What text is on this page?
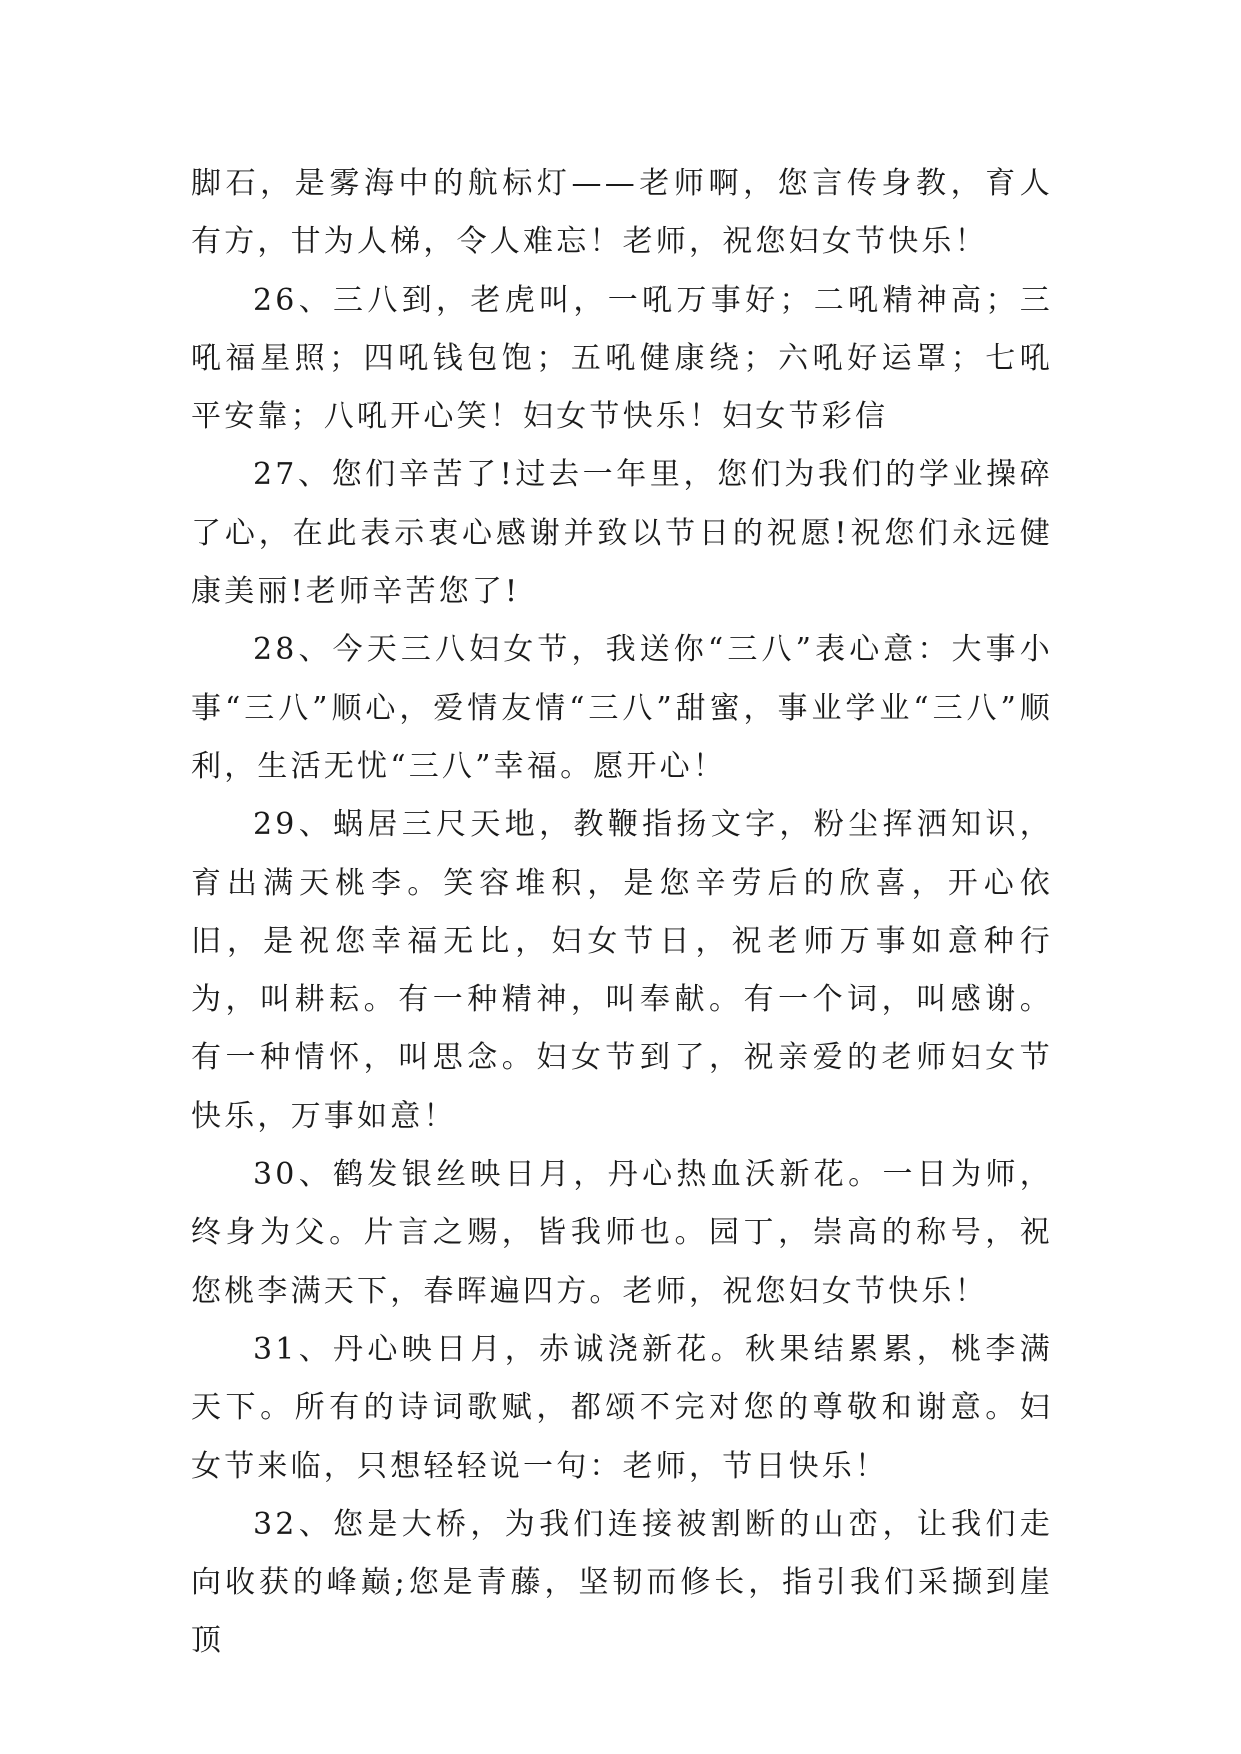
脚石，是雾海中的航标灯——老师啊，您言传身教，育人有方，甘为人梯，令人难忘！老师，祝您妇女节快乐！

26、三八到，老虎叫，一吼万事好；二吼精神高；三吼福星照；四吼钱包饱；五吼健康绕；六吼好运罩；七吼平安靠；八吼开心笑！妇女节快乐！妇女节彩信

27、您们辛苦了!过去一年里，您们为我们的学业操碎了心，在此表示衷心感谢并致以节日的祝愿!祝您们永远健康美丽!老师辛苦您了!

28、今天三八妇女节，我送你“三八”表心意：大事小事“三八”顺心，爱情友情“三八”甜蜜，事业学业“三八”顺利，生活无忧“三八”幸福。愿开心！

29、蜗居三尺天地，教鞭指扬文字，粉尘挥洒知识，育出满天桃李。笑容堆积，是您辛劳后的欣喜，开心依旧，是祝您幸福无比，妇女节日，祝老师万事如意种行为，叫耕耘。有一种精神，叫奉献。有一个词，叫感谢。有一种情怀，叫思念。妇女节到了，祝亲爱的老师妇女节快乐，万事如意！

30、鹤发银丝映日月，丹心热血沃新花。一日为师，终身为父。片言之赐，皆我师也。园丁，崇高的称号，祝您桃李满天下，春晖遍四方。老师，祝您妇女节快乐！

31、丹心映日月，赤诚浇新花。秋果结累累，桃李满天下。所有的诗词歌赋，都颂不完对您的尊敬和谢意。妇女节来临，只想轻轻说一句：老师，节日快乐！

32、您是大桥，为我们连接被割断的山峦，让我们走向收获的峰巅;您是青藤，坚韧而修长，指引我们采撷到崖顶
